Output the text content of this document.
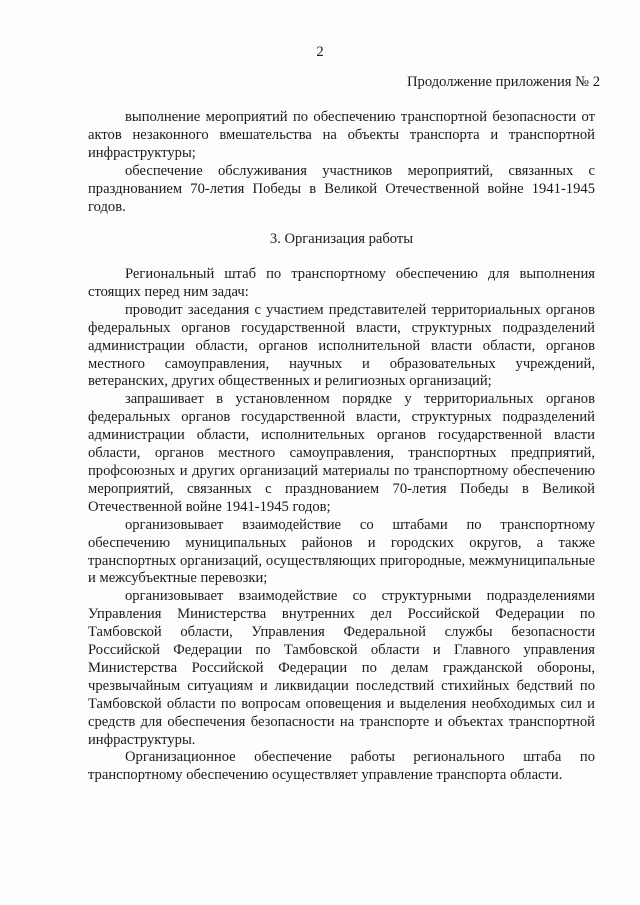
2
Продолжение приложения № 2

выполнение мероприятий по обеспечению транспортной безопасности от актов незаконного вмешательства на объекты транспорта и транспортной инфраструктуры;

обеспечение обслуживания участников мероприятий, связанных с празднованием 70-летия Победы в Великой Отечественной войне 1941-1945 годов.

3. Организация работы

Региональный штаб по транспортному обеспечению для выполнения стоящих перед ним задач:

проводит заседания с участием представителей территориальных органов федеральных органов государственной власти, структурных подразделений администрации области, органов исполнительной власти области, органов местного самоуправления, научных и образовательных учреждений, ветеранских, других общественных и религиозных организаций;

запрашивает в установленном порядке у территориальных органов федеральных органов государственной власти, структурных подразделений администрации области, исполнительных органов государственной власти области, органов местного самоуправления, транспортных предприятий, профсоюзных и других организаций материалы по транспортному обеспечению мероприятий, связанных с празднованием 70-летия Победы в Великой Отечественной войне 1941-1945 годов;

организовывает взаимодействие со штабами по транспортному обеспечению муниципальных районов и городских округов, а также транспортных организаций, осуществляющих пригородные, межмуниципальные и межсубъектные перевозки;

организовывает взаимодействие со структурными подразделениями Управления Министерства внутренних дел Российской Федерации по Тамбовской области, Управления Федеральной службы безопасности Российской Федерации по Тамбовской области и Главного управления Министерства Российской Федерации по делам гражданской обороны, чрезвычайным ситуациям и ликвидации последствий стихийных бедствий по Тамбовской области по вопросам оповещения и выделения необходимых сил и средств для обеспечения безопасности на транспорте и объектах транспортной инфраструктуры.

Организационное обеспечение работы регионального штаба по транспортному обеспечению осуществляет управление транспорта области.
